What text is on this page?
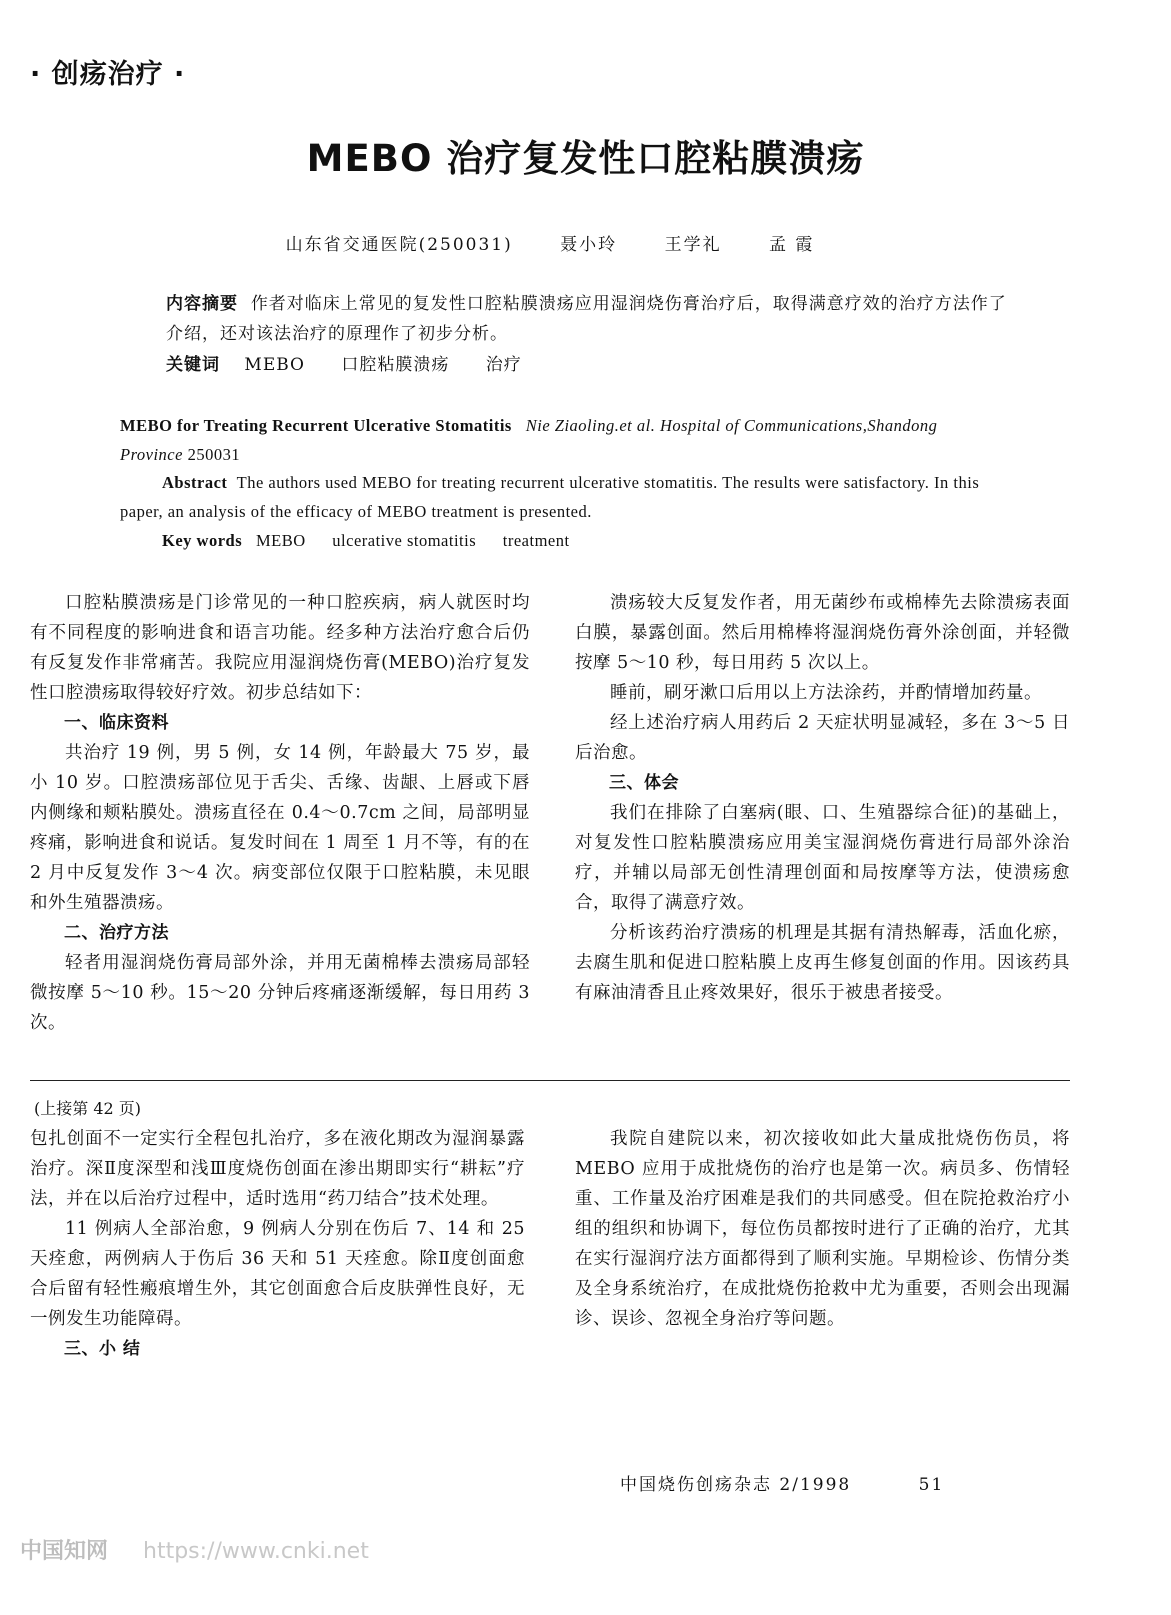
· 创疡治疗 ·
MEBO 治疗复发性口腔粘膜溃疡
山东省交通医院(250031)	聂小玲	王学礼	孟 霞
内容摘要 作者对临床上常见的复发性口腔粘膜溃疡应用湿润烧伤膏治疗后，取得满意疗效的治疗方法作了介绍，还对该法治疗的原理作了初步分析。
关键词 MEBO 口腔粘膜溃疡 治疗
MEBO for Treating Recurrent Ulcerative Stomatitis Nie Ziaoling.et al. Hospital of Communications,Shandong Province 250031
Abstract The authors used MEBO for treating recurrent ulcerative stomatitis. The results were satisfactory. In this paper, an analysis of the efficacy of MEBO treatment is presented.
Key words MEBO ulcerative stomatitis treatment

口腔粘膜溃疡是门诊常见的一种口腔疾病，病人就医时均有不同程度的影响进食和语言功能。经多种方法治疗愈合后仍有反复发作非常痛苦。我院应用湿润烧伤膏(MEBO)治疗复发性口腔溃疡取得较好疗效。初步总结如下：

一、临床资料

共治疗 19 例，男 5 例，女 14 例，年龄最大 75 岁，最小 10 岁。口腔溃疡部位见于舌尖、舌缘、齿龈、上唇或下唇内侧缘和颊粘膜处。溃疡直径在 0.4～0.7cm 之间，局部明显疼痛，影响进食和说话。复发时间在 1 周至 1 月不等，有的在 2 月中反复发作 3～4 次。病变部位仅限于口腔粘膜，未见眼和外生殖器溃疡。

二、治疗方法

轻者用湿润烧伤膏局部外涂，并用无菌棉棒去溃疡局部轻微按摩 5～10 秒。15～20 分钟后疼痛逐渐缓解，每日用药 3 次。

溃疡较大反复发作者，用无菌纱布或棉棒先去除溃疡表面白膜，暴露创面。然后用棉棒将湿润烧伤膏外涂创面，并轻微按摩 5～10 秒，每日用药 5 次以上。

睡前，刷牙漱口后用以上方法涂药，并酌情增加药量。

经上述治疗病人用药后 2 天症状明显减轻，多在 3～5 日后治愈。

三、体会

我们在排除了白塞病(眼、口、生殖器综合征)的基础上，对复发性口腔粘膜溃疡应用美宝湿润烧伤膏进行局部外涂治疗，并辅以局部无创性清理创面和局按摩等方法，使溃疡愈合，取得了满意疗效。

分析该药治疗溃疡的机理是其据有清热解毒，活血化瘀，去腐生肌和促进口腔粘膜上皮再生修复创面的作用。因该药具有麻油清香且止疼效果好，很乐于被患者接受。

(上接第 42 页)

包扎创面不一定实行全程包扎治疗，多在液化期改为湿润暴露治疗。深Ⅱ度深型和浅Ⅲ度烧伤创面在渗出期即实行“耕耘”疗法，并在以后治疗过程中，适时选用“药刀结合”技术处理。

11 例病人全部治愈，9 例病人分别在伤后 7、14 和 25 天痊愈，两例病人于伤后 36 天和 51 天痊愈。除Ⅱ度创面愈合后留有轻性瘢痕增生外，其它创面愈合后皮肤弹性良好，无一例发生功能障碍。

三、小 结

我院自建院以来，初次接收如此大量成批烧伤伤员，将 MEBO 应用于成批烧伤的治疗也是第一次。病员多、伤情轻重、工作量及治疗困难是我们的共同感受。但在院抢救治疗小组的组织和协调下，每位伤员都按时进行了正确的治疗，尤其在实行湿润疗法方面都得到了顺利实施。早期检诊、伤情分类及全身系统治疗，在成批烧伤抢救中尤为重要，否则会出现漏诊、误诊、忽视全身治疗等问题。

中国烧伤创疡杂志 2/1998	51
中国知网 https://www.cnki.net
